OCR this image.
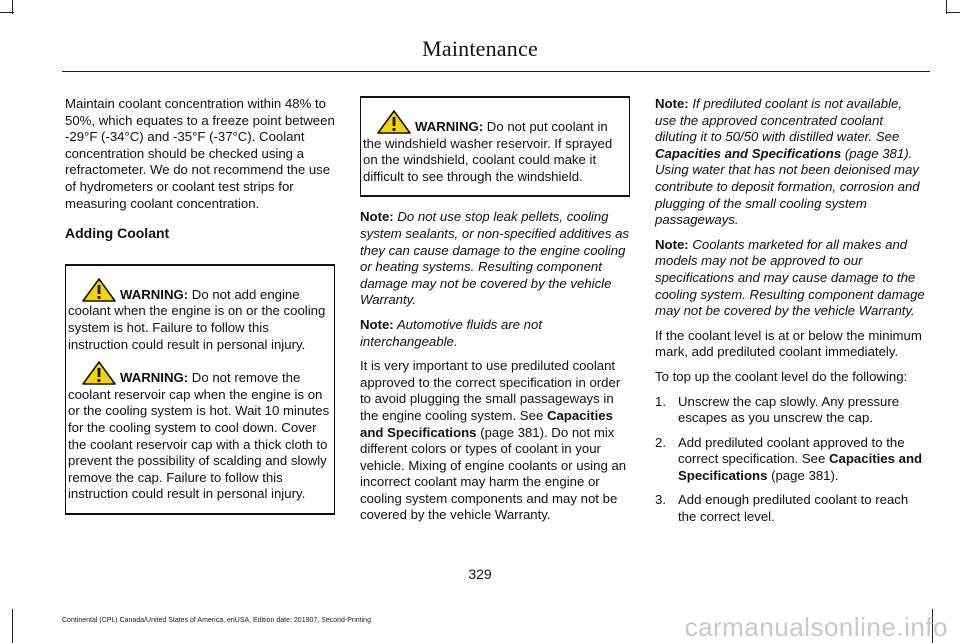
Maintenance

Maintain coolant concentration within 48% to 50%, which equates to a freeze point between -29°F (-34°C) and -35°F (-37°C). Coolant concentration should be checked using a refractometer. We do not recommend the use of hydrometers or coolant test strips for measuring coolant concentration.

Adding Coolant

WARNING: Do not add engine coolant when the engine is on or the cooling system is hot. Failure to follow this instruction could result in personal injury.

WARNING: Do not remove the coolant reservoir cap when the engine is on or the cooling system is hot. Wait 10 minutes for the cooling system to cool down. Cover the coolant reservoir cap with a thick cloth to prevent the possibility of scalding and slowly remove the cap. Failure to follow this instruction could result in personal injury.

WARNING: Do not put coolant in the windshield washer reservoir. If sprayed on the windshield, coolant could make it difficult to see through the windshield.

Note: Do not use stop leak pellets, cooling system sealants, or non-specified additives as they can cause damage to the engine cooling or heating systems. Resulting component damage may not be covered by the vehicle Warranty.

Note: Automotive fluids are not interchangeable.

It is very important to use prediluted coolant approved to the correct specification in order to avoid plugging the small passageways in the engine cooling system. See Capacities and Specifications (page 381). Do not mix different colors or types of coolant in your vehicle. Mixing of engine coolants or using an incorrect coolant may harm the engine or cooling system components and may not be covered by the vehicle Warranty.

Note: If prediluted coolant is not available, use the approved concentrated coolant diluting it to 50/50 with distilled water. See Capacities and Specifications (page 381). Using water that has not been deionised may contribute to deposit formation, corrosion and plugging of the small cooling system passageways.

Note: Coolants marketed for all makes and models may not be approved to our specifications and may cause damage to the cooling system. Resulting component damage may not be covered by the vehicle Warranty.

If the coolant level is at or below the minimum mark, add prediluted coolant immediately.

To top up the coolant level do the following:

1. Unscrew the cap slowly. Any pressure escapes as you unscrew the cap.
2. Add prediluted coolant approved to the correct specification. See Capacities and Specifications (page 381).
3. Add enough prediluted coolant to reach the correct level.
329
Continental (CPL) Canada/United States of America, enUSA, Edition date: 201907, Second-Printing	carmanualsonline.info
